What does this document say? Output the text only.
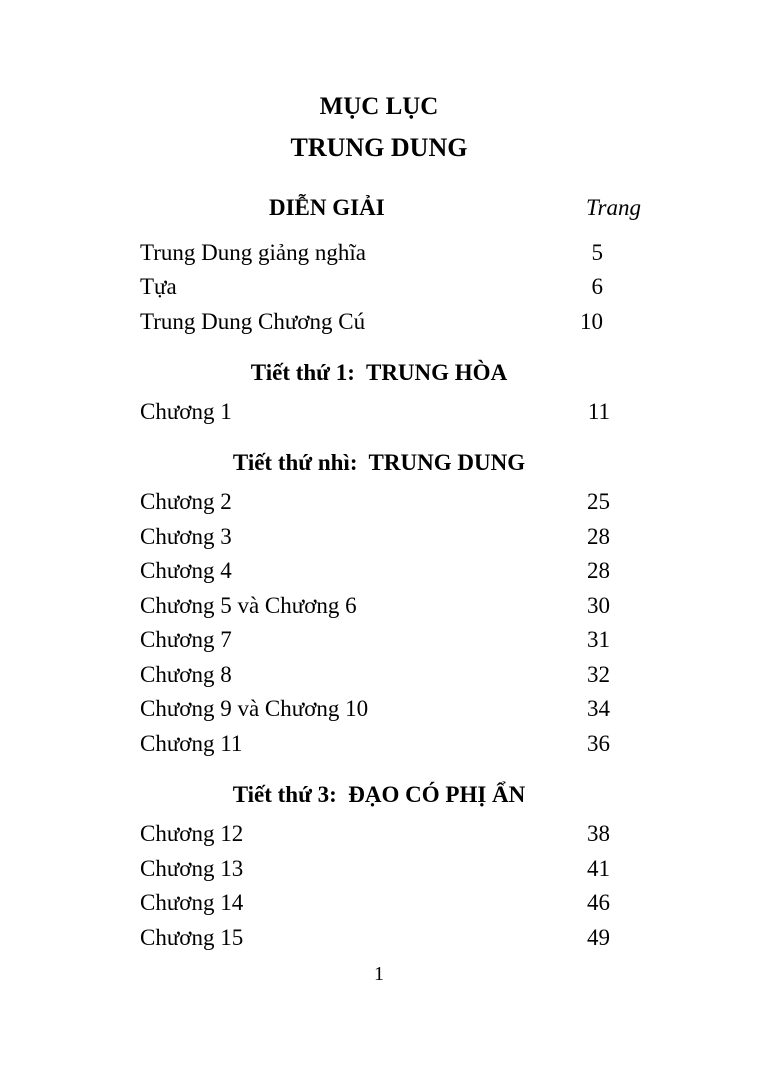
MỤC LỤC
TRUNG DUNG
DIỄN GIẢI	Trang
Trung Dung giảng nghĩa	5
Tựa	6
Trung Dung Chương Cú	10
Tiết thứ 1:  TRUNG HÒA
Chương 1	11
Tiết thứ nhì:  TRUNG DUNG
Chương 2	25
Chương 3	28
Chương 4	28
Chương 5 và Chương 6	30
Chương 7	31
Chương 8	32
Chương 9 và Chương 10	34
Chương 11	36
Tiết thứ 3:  ĐẠO CÓ PHỊ ẨN
Chương 12	38
Chương 13	41
Chương 14	46
Chương 15	49
1
